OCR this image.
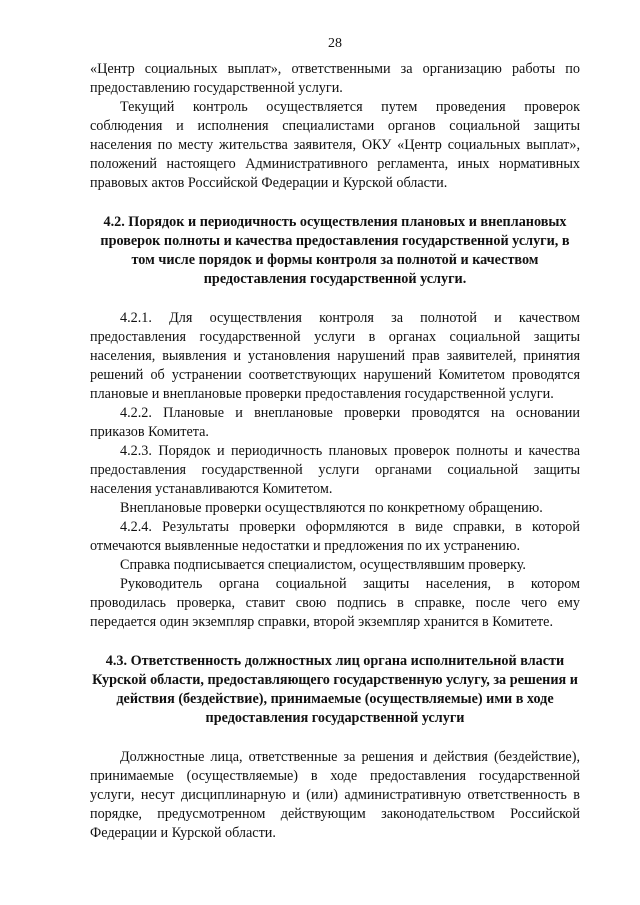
28

«Центр социальных выплат», ответственными за организацию работы по предоставлению государственной услуги.

Текущий контроль осуществляется путем проведения проверок соблюдения и исполнения специалистами органов социальной защиты населения по месту жительства заявителя, ОКУ «Центр социальных выплат», положений настоящего Административного регламента, иных нормативных правовых актов Российской Федерации и Курской области.

4.2. Порядок и периодичность осуществления плановых и внеплановых проверок полноты и качества предоставления государственной услуги, в том числе порядок и формы контроля за полнотой и качеством предоставления государственной услуги.

4.2.1. Для осуществления контроля за полнотой и качеством предоставления государственной услуги в органах социальной защиты населения, выявления и установления нарушений прав заявителей, принятия решений об устранении соответствующих нарушений Комитетом проводятся плановые и внеплановые проверки предоставления государственной услуги.

4.2.2. Плановые и внеплановые проверки проводятся на основании приказов Комитета.

4.2.3. Порядок и периодичность плановых проверок полноты и качества предоставления государственной услуги органами социальной защиты населения устанавливаются Комитетом.

Внеплановые проверки осуществляются по конкретному обращению.

4.2.4. Результаты проверки оформляются в виде справки, в которой отмечаются выявленные недостатки и предложения по их устранению.

Справка подписывается специалистом, осуществлявшим проверку.

Руководитель органа социальной защиты населения, в котором проводилась проверка, ставит свою подпись в справке, после чего ему передается один экземпляр справки, второй экземпляр хранится в Комитете.

4.3. Ответственность должностных лиц органа исполнительной власти Курской области, предоставляющего государственную услугу, за решения и действия (бездействие), принимаемые (осуществляемые) ими в ходе предоставления государственной услуги

Должностные лица, ответственные за решения и действия (бездействие), принимаемые (осуществляемые) в ходе предоставления государственной услуги, несут дисциплинарную и (или) административную ответственность в порядке, предусмотренном действующим законодательством Российской Федерации и Курской области.
